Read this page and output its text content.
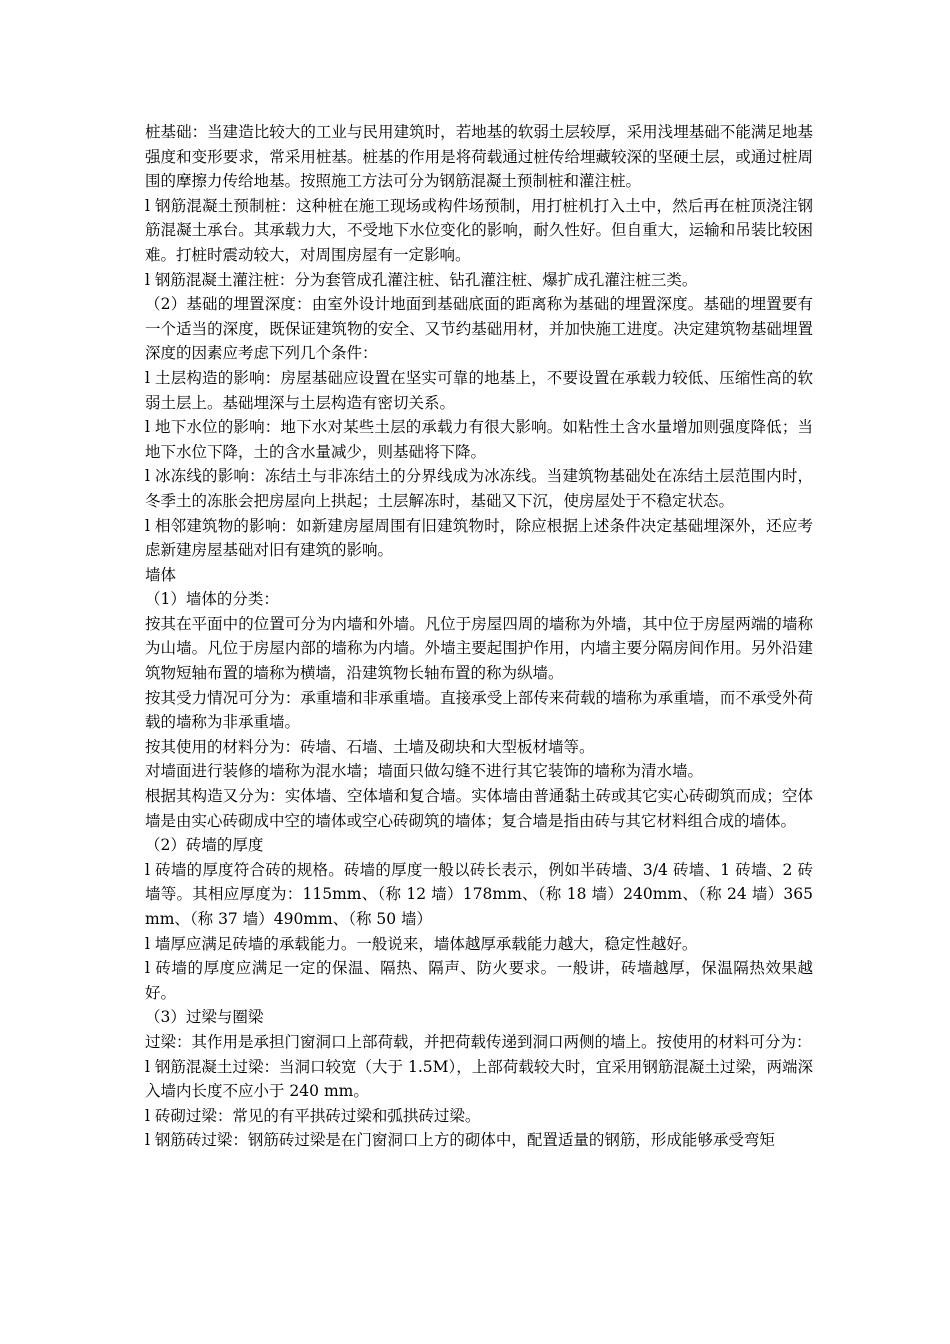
桩基础：当建造比较大的工业与民用建筑时，若地基的软弱土层较厚，采用浅埋基础不能满足地基强度和变形要求，常采用桩基。桩基的作用是将荷载通过桩传给埋藏较深的坚硬土层，或通过桩周围的摩擦力传给地基。按照施工方法可分为钢筋混凝土预制桩和灌注桩。

l 钢筋混凝土预制桩：这种桩在施工现场或构件场预制，用打桩机打入土中，然后再在桩顶浇注钢筋混凝土承台。其承载力大，不受地下水位变化的影响，耐久性好。但自重大，运输和吊装比较困难。打桩时震动较大，对周围房屋有一定影响。

l 钢筋混凝土灌注桩：分为套管成孔灌注桩、钻孔灌注桩、爆扩成孔灌注桩三类。

（2）基础的埋置深度：由室外设计地面到基础底面的距离称为基础的埋置深度。基础的埋置要有一个适当的深度，既保证建筑物的安全、又节约基础用材，并加快施工进度。决定建筑物基础埋置深度的因素应考虑下列几个条件：

l 土层构造的影响：房屋基础应设置在坚实可靠的地基上，不要设置在承载力较低、压缩性高的软弱土层上。基础埋深与土层构造有密切关系。

l 地下水位的影响：地下水对某些土层的承载力有很大影响。如粘性土含水量增加则强度降低；当地下水位下降，土的含水量减少，则基础将下降。

l 冰冻线的影响：冻结土与非冻结土的分界线成为冰冻线。当建筑物基础处在冻结土层范围内时，冬季土的冻胀会把房屋向上拱起；土层解冻时，基础又下沉，使房屋处于不稳定状态。

l 相邻建筑物的影响：如新建房屋周围有旧建筑物时，除应根据上述条件决定基础埋深外，还应考虑新建房屋基础对旧有建筑的影响。

墙体

（1）墙体的分类：

按其在平面中的位置可分为内墙和外墙。凡位于房屋四周的墙称为外墙，其中位于房屋两端的墙称为山墙。凡位于房屋内部的墙称为内墙。外墙主要起围护作用，内墙主要分隔房间作用。另外沿建筑物短轴布置的墙称为横墙，沿建筑物长轴布置的称为纵墙。

按其受力情况可分为：承重墙和非承重墙。直接承受上部传来荷载的墙称为承重墙，而不承受外荷载的墙称为非承重墙。

按其使用的材料分为：砖墙、石墙、土墙及砌块和大型板材墙等。

对墙面进行装修的墙称为混水墙；墙面只做勾缝不进行其它装饰的墙称为清水墙。

根据其构造又分为：实体墙、空体墙和复合墙。实体墙由普通黏土砖或其它实心砖砌筑而成；空体墙是由实心砖砌成中空的墙体或空心砖砌筑的墙体；复合墙是指由砖与其它材料组合成的墙体。

（2）砖墙的厚度

l 砖墙的厚度符合砖的规格。砖墙的厚度一般以砖长表示，例如半砖墙、3/4 砖墙、1 砖墙、2 砖墙等。其相应厚度为：115mm、（称 12 墙）178mm、（称 18 墙）240mm、（称 24 墙）365mm、（称 37 墙）490mm、（称 50 墙）

l 墙厚应满足砖墙的承载能力。一般说来，墙体越厚承载能力越大，稳定性越好。

l 砖墙的厚度应满足一定的保温、隔热、隔声、防火要求。一般讲，砖墙越厚，保温隔热效果越好。

（3）过梁与圈梁

过梁：其作用是承担门窗洞口上部荷载，并把荷载传递到洞口两侧的墙上。按使用的材料可分为：

l 钢筋混凝土过梁：当洞口较宽（大于 1.5M），上部荷载较大时，宜采用钢筋混凝土过梁，两端深入墙内长度不应小于 240 mm。

l 砖砌过梁：常见的有平拱砖过梁和弧拱砖过梁。

l 钢筋砖过梁：钢筋砖过梁是在门窗洞口上方的砌体中，配置适量的钢筋，形成能够承受弯矩
